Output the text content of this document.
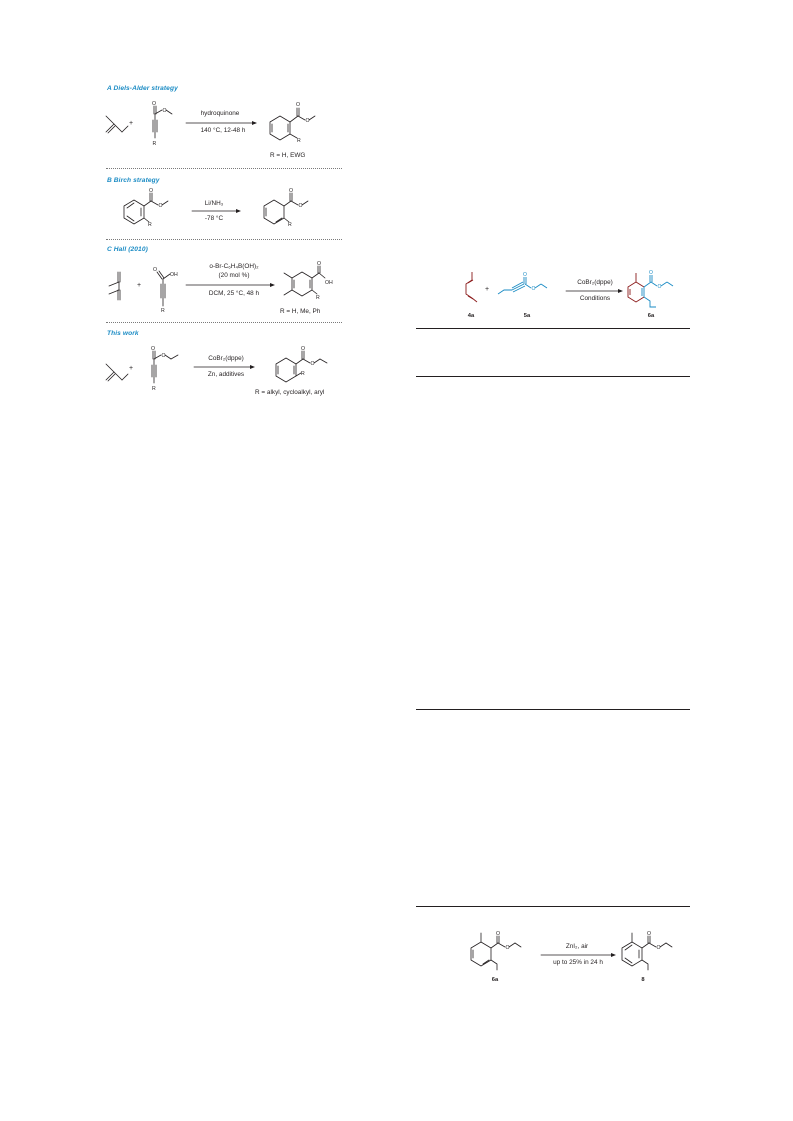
A Diels-Alder strategy
+
O
O
R
hydroquinone
140 °C, 12-48 h
O
O
R
R = H, EWG
B Birch strategy
O
O
R
Li/NH₃
-78 °C
O
O
R
C Hall (2010)
+
O
OH
R
o-Br-C₆H₄B(OH)₂
(20 mol %)
DCM, 25 °C, 48 h
O
OH
R
R = H, Me, Ph
This work
+
O
O
R
CoBr₂(dppe)
Zn, additives
O
O
R
R = alkyl, cycloalkyl, aryl
4a
+
O
O
5a
CoBr₂(dppe)
Conditions
O
O
6a
O
O
6a
ZnI₂, air
up to 25% in 24 h
O
O
8
